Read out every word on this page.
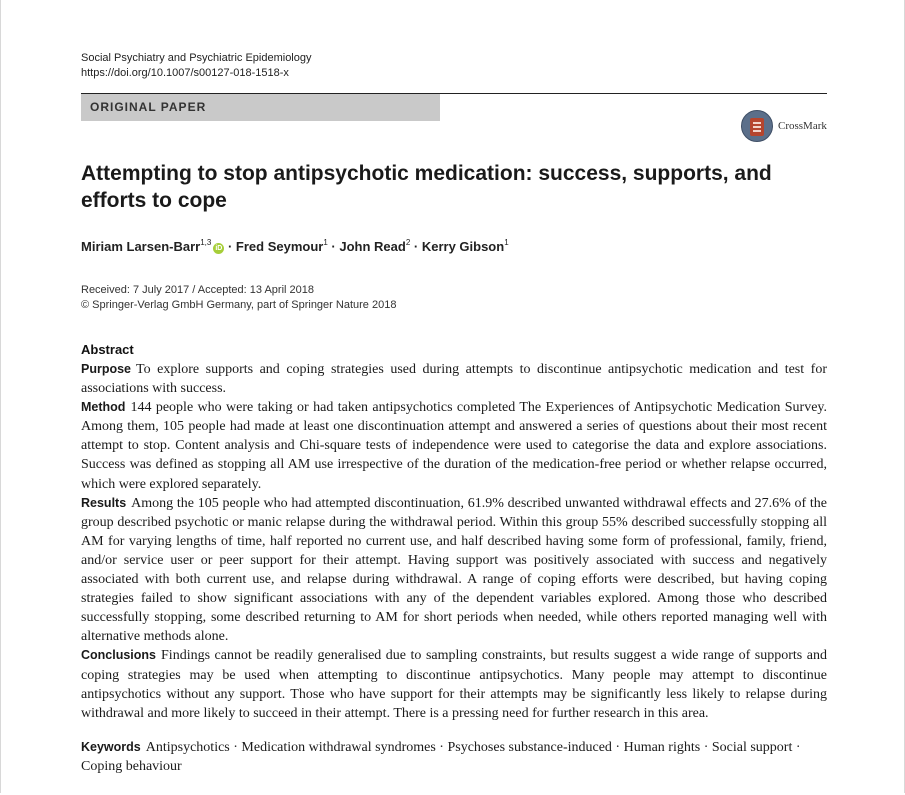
Social Psychiatry and Psychiatric Epidemiology
https://doi.org/10.1007/s00127-018-1518-x
ORIGINAL PAPER
CrossMark
Attempting to stop antipsychotic medication: success, supports, and efforts to cope
Miriam Larsen-Barr$^{1,3}$iD · Fred Seymour$^1$ · John Read$^2$ · Kerry Gibson$^1$
Received: 7 July 2017 / Accepted: 13 April 2018
© Springer-Verlag GmbH Germany, part of Springer Nature 2018
Abstract

Purpose To explore supports and coping strategies used during attempts to discontinue antipsychotic medication and test for associations with success.

Method 144 people who were taking or had taken antipsychotics completed The Experiences of Antipsychotic Medication Survey. Among them, 105 people had made at least one discontinuation attempt and answered a series of questions about their most recent attempt to stop. Content analysis and Chi-square tests of independence were used to categorise the data and explore associations. Success was defined as stopping all AM use irrespective of the duration of the medication-free period or whether relapse occurred, which were explored separately.

Results Among the 105 people who had attempted discontinuation, 61.9% described unwanted withdrawal effects and 27.6% of the group described psychotic or manic relapse during the withdrawal period. Within this group 55% described successfully stopping all AM for varying lengths of time, half reported no current use, and half described having some form of professional, family, friend, and/or service user or peer support for their attempt. Having support was positively associated with success and negatively associated with both current use, and relapse during withdrawal. A range of coping efforts were described, but having coping strategies failed to show significant associations with any of the dependent variables explored. Among those who described successfully stopping, some described returning to AM for short periods when needed, while others reported managing well with alternative methods alone.

Conclusions Findings cannot be readily generalised due to sampling constraints, but results suggest a wide range of supports and coping strategies may be used when attempting to discontinue antipsychotics. Many people may attempt to discontinue antipsychotics without any support. Those who have support for their attempts may be significantly less likely to relapse during withdrawal and more likely to succeed in their attempt. There is a pressing need for further research in this area.

Keywords Antipsychotics · Medication withdrawal syndromes · Psychoses substance-induced · Human rights · Social support · Coping behaviour
